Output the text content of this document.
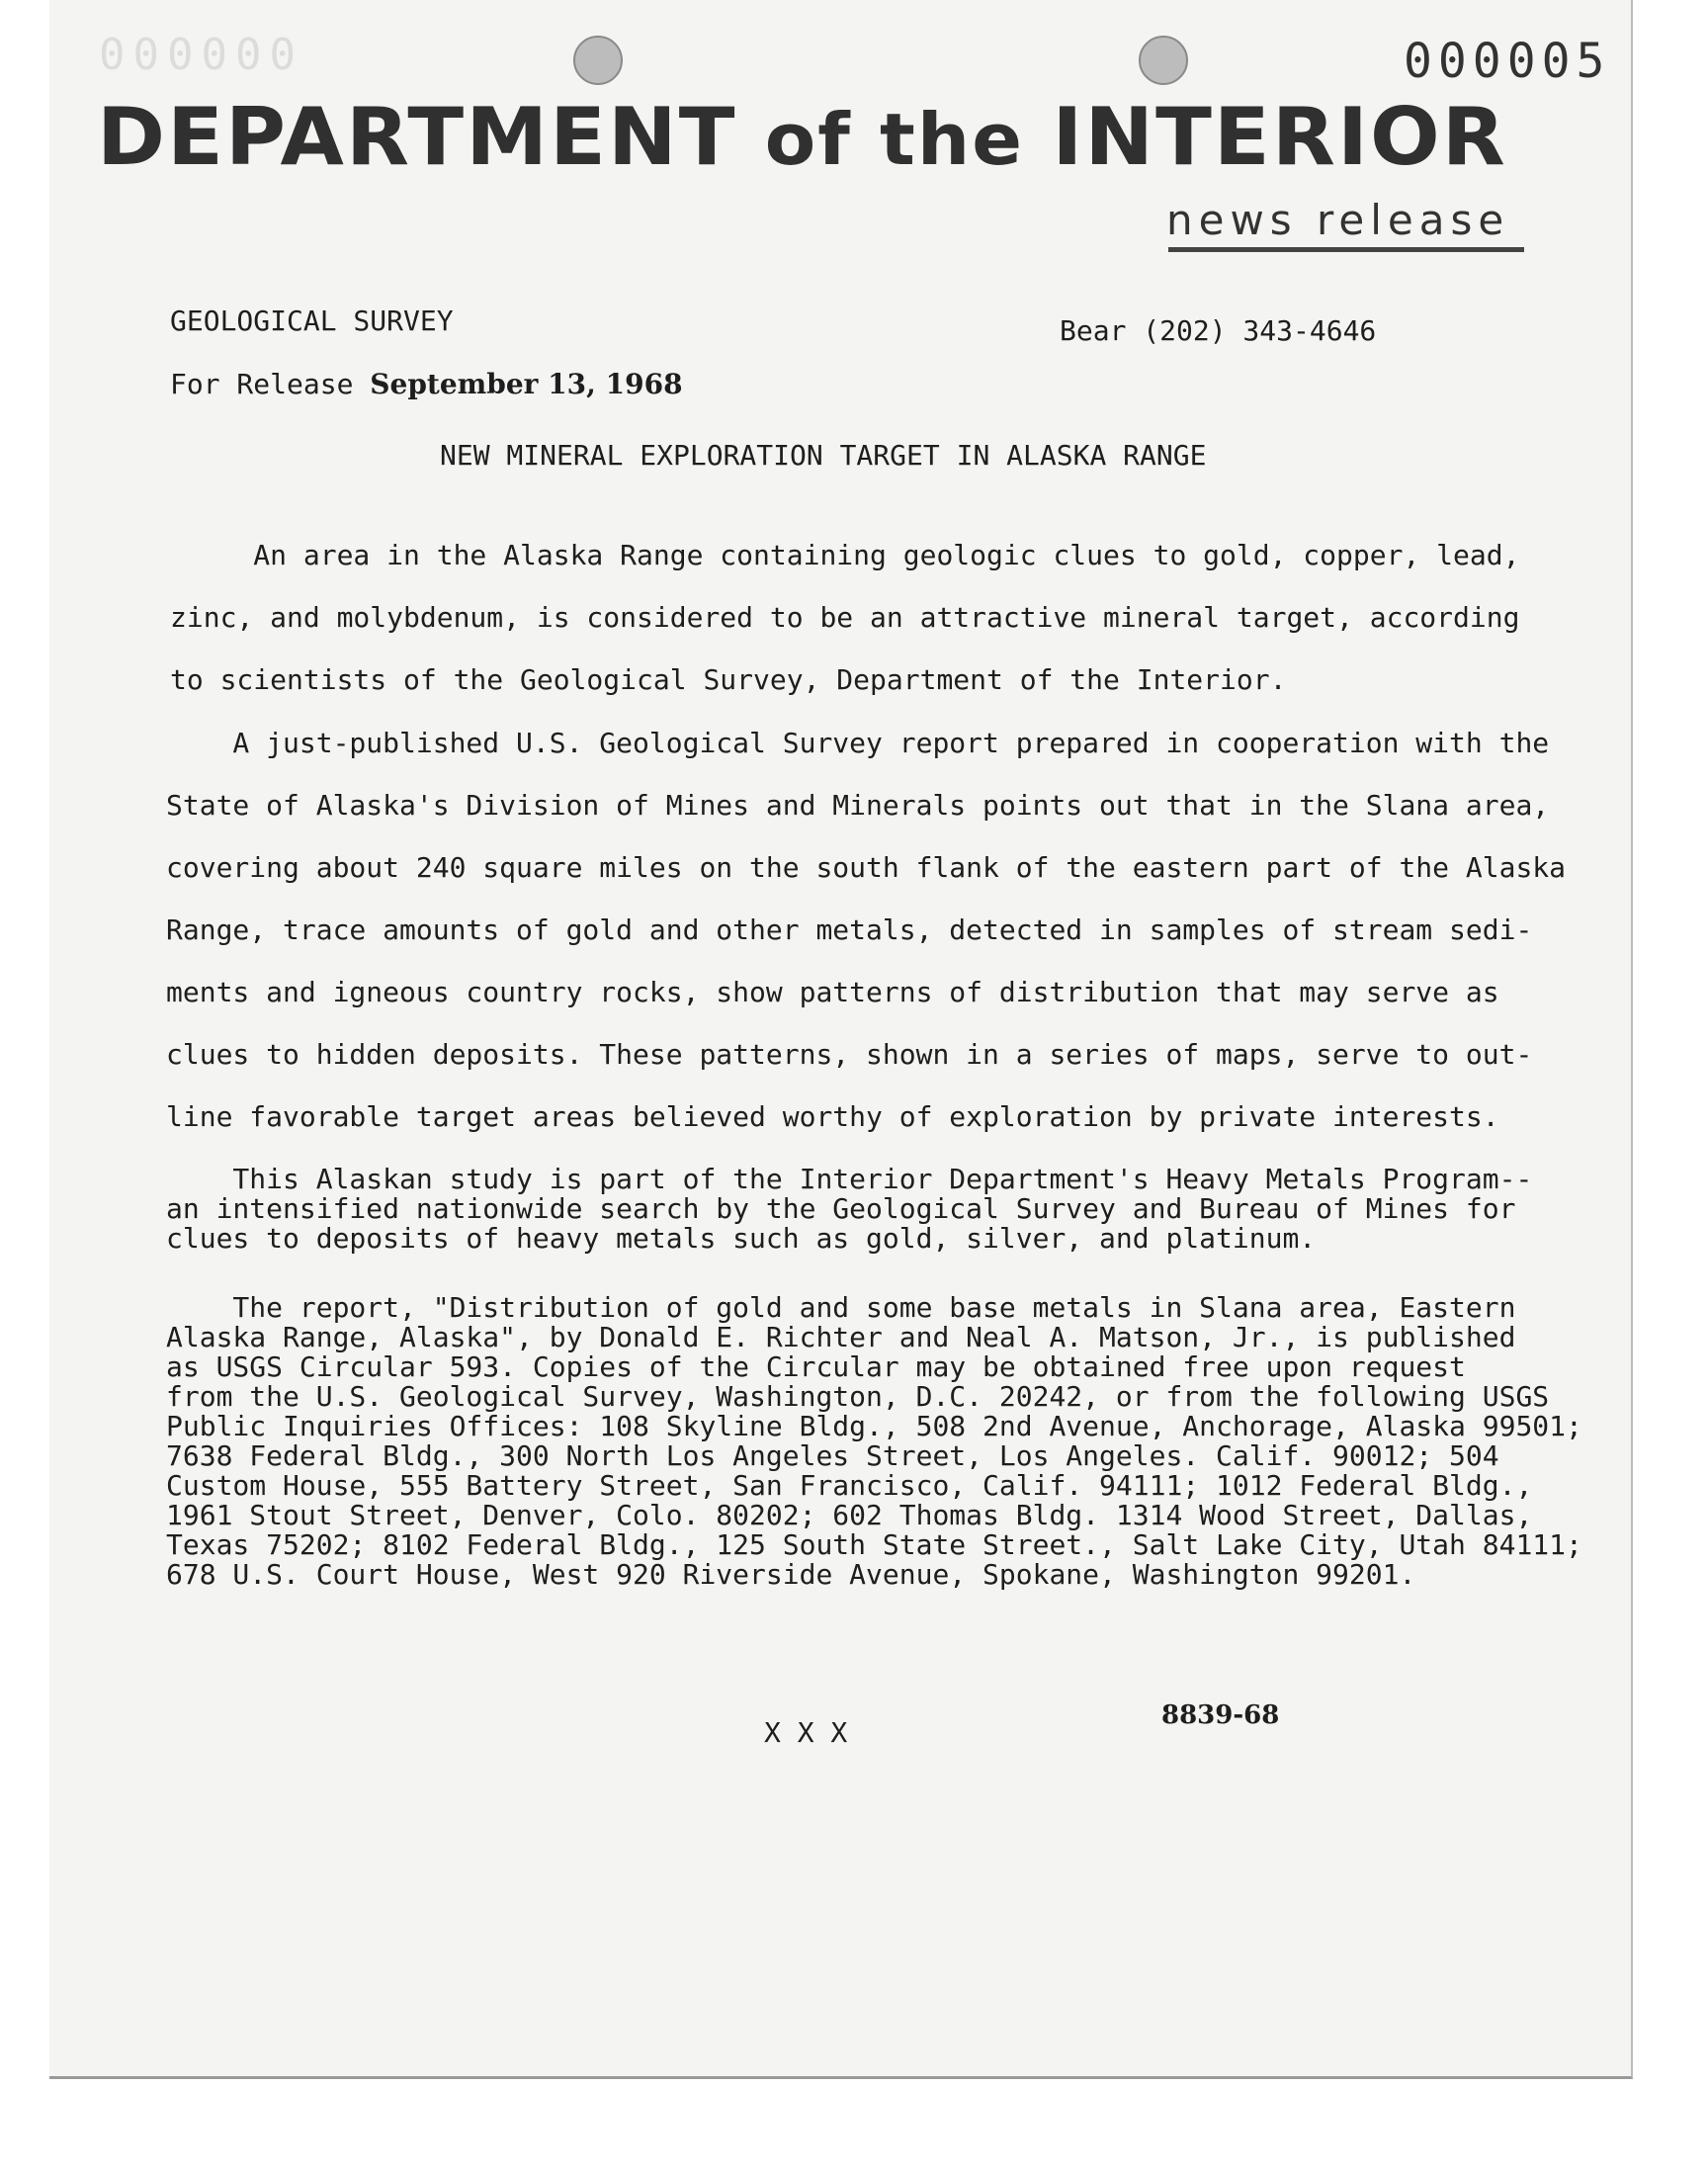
000000	000005
DEPARTMENT of the INTERIOR
news release
GEOLOGICAL SURVEY	Bear (202) 343-4646
For Release September 13, 1968
NEW MINERAL EXPLORATION TARGET IN ALASKA RANGE
An area in the Alaska Range containing geologic clues to gold, copper, lead,
zinc, and molybdenum, is considered to be an attractive mineral target, according
to scientists of the Geological Survey, Department of the Interior.
A just-published U.S. Geological Survey report prepared in cooperation with the
State of Alaska's Division of Mines and Minerals points out that in the Slana area,
covering about 240 square miles on the south flank of the eastern part of the Alaska
Range, trace amounts of gold and other metals, detected in samples of stream sedi-
ments and igneous country rocks, show patterns of distribution that may serve as
clues to hidden deposits. These patterns, shown in a series of maps, serve to out-
line favorable target areas believed worthy of exploration by private interests.
This Alaskan study is part of the Interior Department's Heavy Metals Program--
an intensified nationwide search by the Geological Survey and Bureau of Mines for
clues to deposits of heavy metals such as gold, silver, and platinum.
The report, "Distribution of gold and some base metals in Slana area, Eastern
Alaska Range, Alaska", by Donald E. Richter and Neal A. Matson, Jr., is published
as USGS Circular 593. Copies of the Circular may be obtained free upon request
from the U.S. Geological Survey, Washington, D.C. 20242, or from the following USGS
Public Inquiries Offices: 108 Skyline Bldg., 508 2nd Avenue, Anchorage, Alaska 99501;
7638 Federal Bldg., 300 North Los Angeles Street, Los Angeles. Calif. 90012; 504
Custom House, 555 Battery Street, San Francisco, Calif. 94111; 1012 Federal Bldg.,
1961 Stout Street, Denver, Colo. 80202; 602 Thomas Bldg. 1314 Wood Street, Dallas,
Texas 75202; 8102 Federal Bldg., 125 South State Street., Salt Lake City, Utah 84111;
678 U.S. Court House, West 920 Riverside Avenue, Spokane, Washington 99201.
X X X
8839-68
